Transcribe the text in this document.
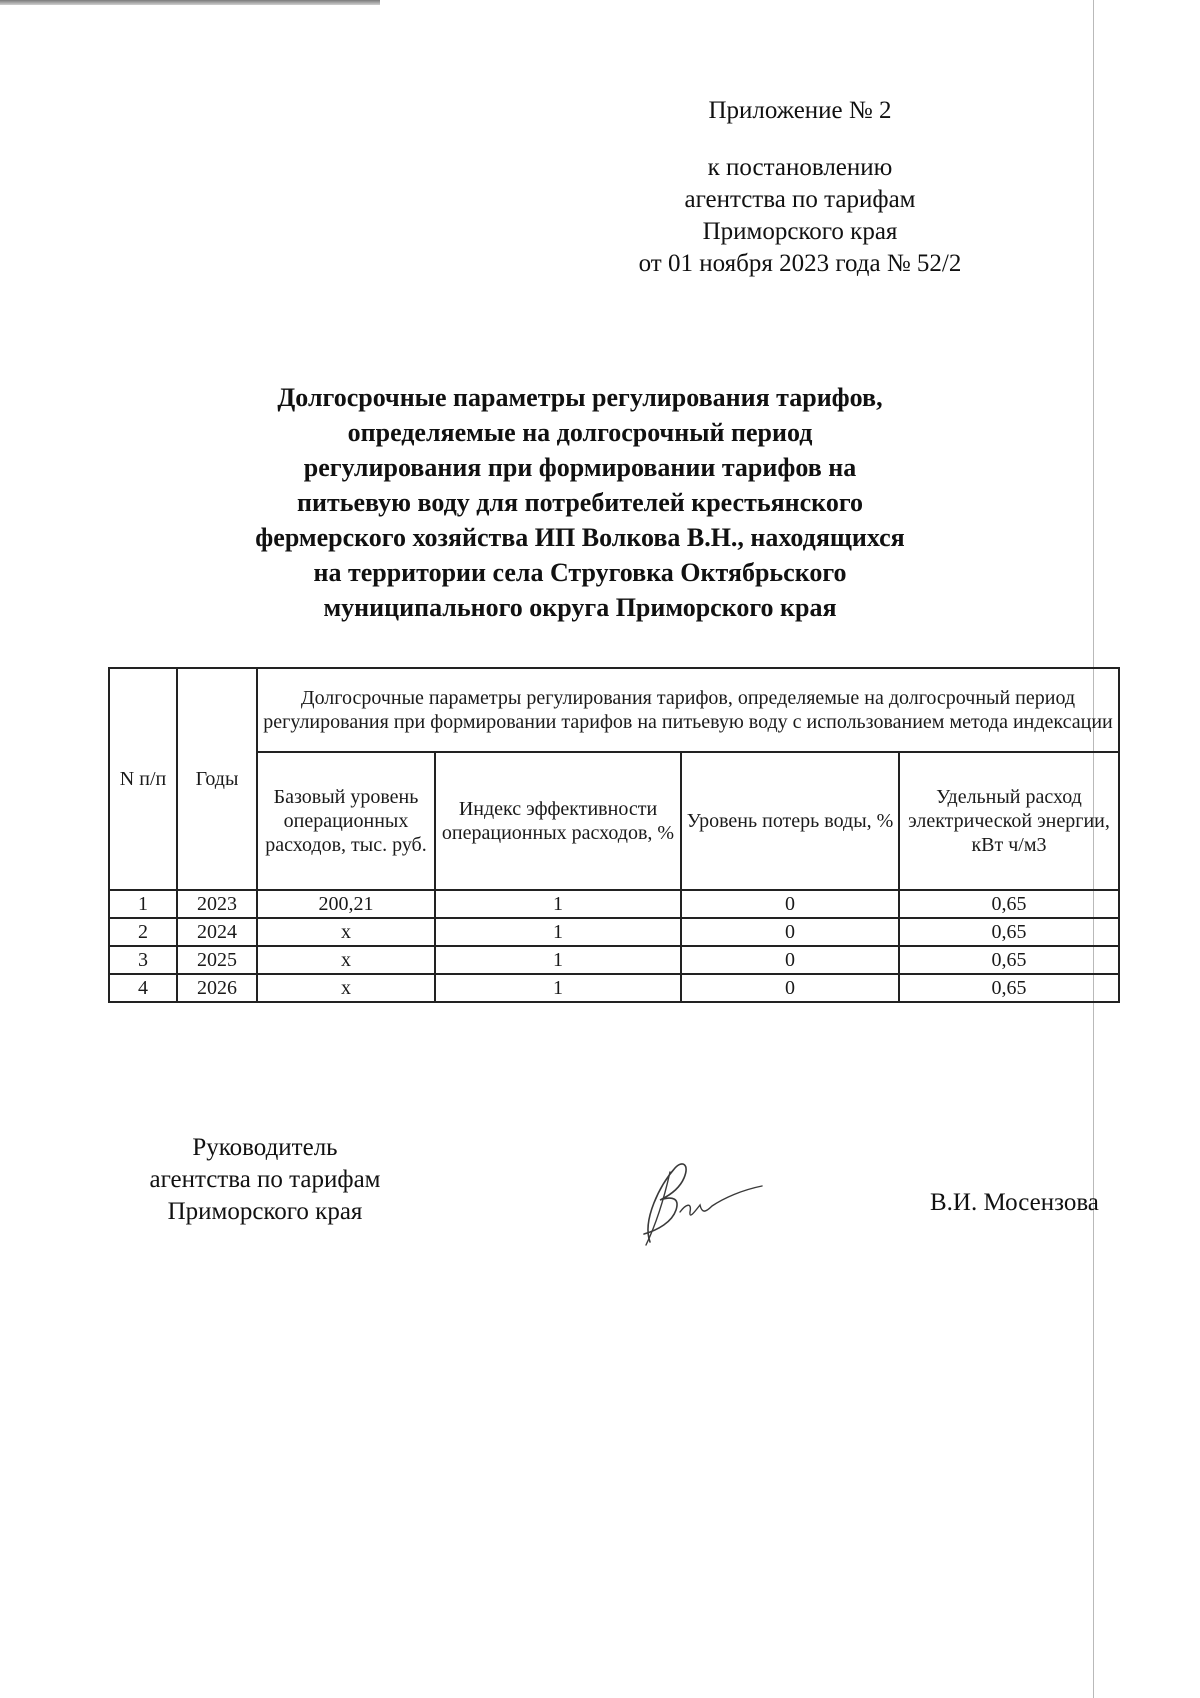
Приложение № 2
к постановлению
агентства по тарифам
Приморского края
от 01 ноября 2023 года № 52/2
Долгосрочные параметры регулирования тарифов,
определяемые на долгосрочный период
регулирования при формировании тарифов на
питьевую воду для потребителей крестьянского
фермерского хозяйства ИП Волкова В.Н., находящихся
на территории села Струговка Октябрьского
муниципального округа Приморского края
N п/п	Годы	Долгосрочные параметры регулирования тарифов, определяемые на долгосрочный период регулирования при формировании тарифов на питьевую воду с использованием метода индексации			
		Базовый уровень операционных расходов, тыс. руб.	Индекс эффективности операционных расходов, %	Уровень потерь воды, %	Удельный расход электрической энергии, кВт ч/м3
1	2023	200,21	1	0	0,65
2	2024	х	1	0	0,65
3	2025	х	1	0	0,65
4	2026	х	1	0	0,65
Руководитель
агентства по тарифам
Приморского края	В.И. Мосензова
